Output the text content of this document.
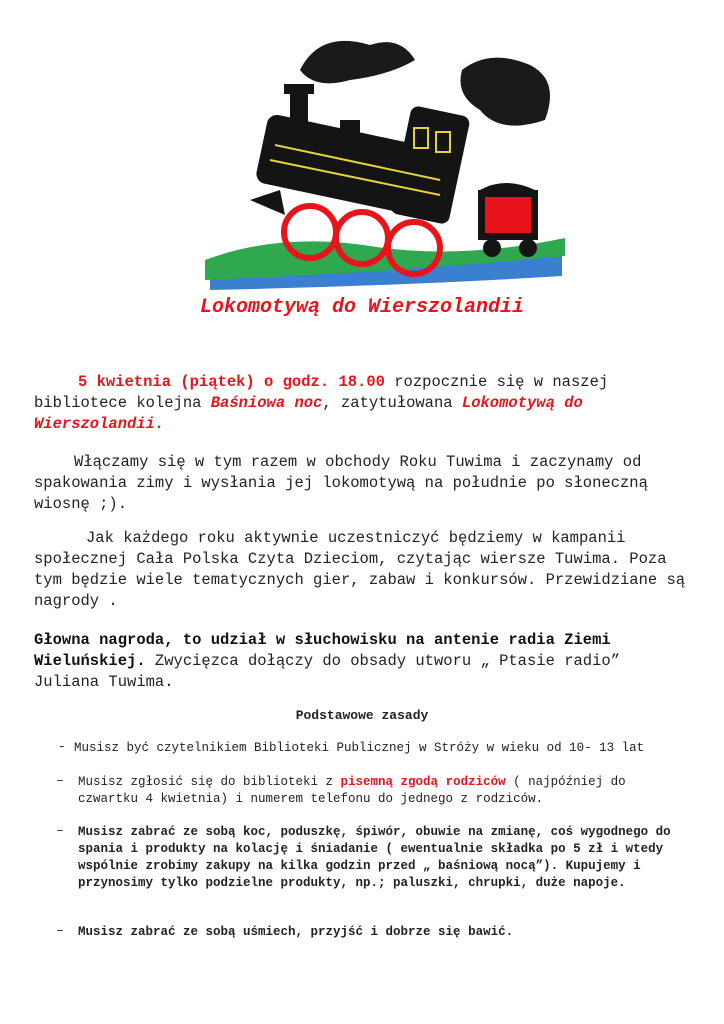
Lokomotywą do Wierszolandii

5 kwietnia (piątek) o godz. 18.00 rozpocznie się w naszej bibliotece kolejna Baśniowa noc, zatytułowana Lokomotywą do Wierszolandii.

Włączamy się w tym razem w obchody Roku Tuwima i zaczynamy od spakowania zimy i wysłania jej lokomotywą na południe po słoneczną wiosnę ;).

Jak każdego roku aktywnie uczestniczyć będziemy w kampanii społecznej Cała Polska Czyta Dzieciom, czytając wiersze Tuwima. Poza tym będzie wiele tematycznych gier, zabaw i konkursów. Przewidziane są nagrody .

Głowna nagroda, to udział w słuchowisku na antenie radia Ziemi Wieluńskiej. Zwycięzca dołączy do obsady utworu „ Ptasie radio” Juliana Tuwima.

Podstawowe zasady
- Musisz być czytelnikiem Biblioteki Publicznej w Stróży w wieku od 10- 13 lat
– Musisz zgłosić się do biblioteki z pisemną zgodą rodziców ( najpóźniej do czwartku 4 kwietnia) i numerem telefonu do jednego z rodziców.
– Musisz zabrać ze sobą koc, poduszkę, śpiwór, obuwie na zmianę, coś wygodnego do spania i produkty na kolację i śniadanie ( ewentualnie składka po 5 zł i wtedy wspólnie zrobimy zakupy na kilka godzin przed „ baśniową nocą”). Kupujemy i przynosimy tylko podzielne produkty, np.; paluszki, chrupki, duże napoje.
– Musisz zabrać ze sobą uśmiech, przyjść i dobrze się bawić.
